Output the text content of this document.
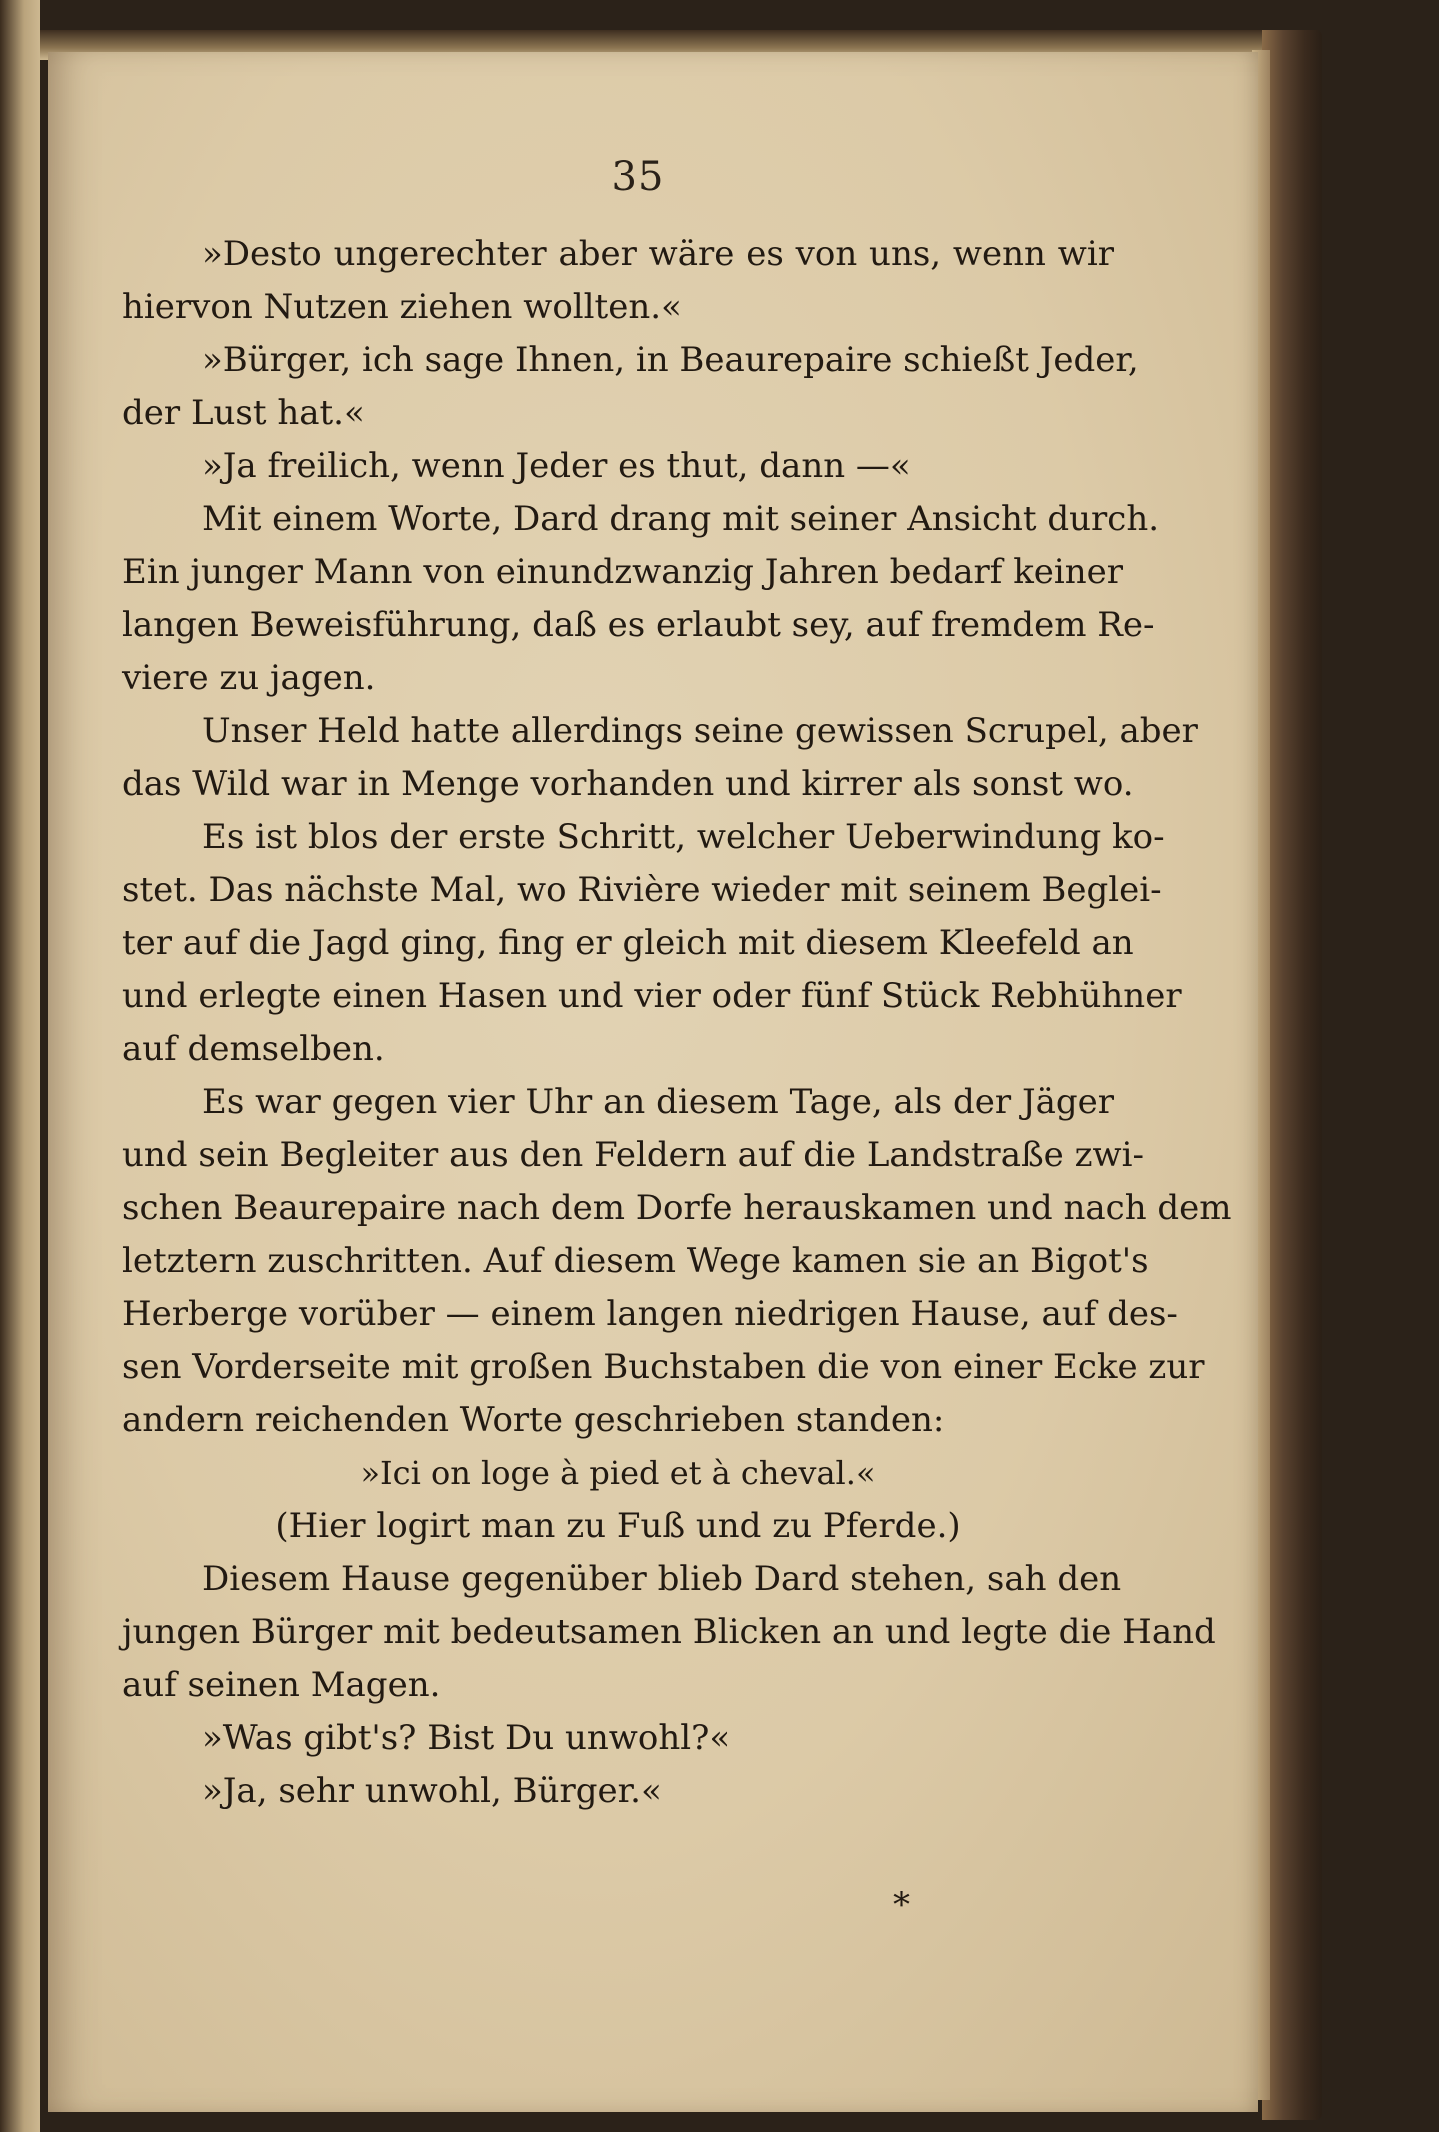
35
»Desto ungerechter aber wäre es von uns, wenn wir
hiervon Nutzen ziehen wollten.«
»Bürger, ich sage Ihnen, in Beaurepaire schießt Jeder,
der Lust hat.«
»Ja freilich, wenn Jeder es thut, dann —«
Mit einem Worte, Dard drang mit seiner Ansicht durch.
Ein junger Mann von einundzwanzig Jahren bedarf keiner
langen Beweisführung, daß es erlaubt sey, auf fremdem Re-
viere zu jagen.
Unser Held hatte allerdings seine gewissen Scrupel, aber
das Wild war in Menge vorhanden und kirrer als sonst wo.
Es ist blos der erste Schritt, welcher Ueberwindung ko-
stet. Das nächste Mal, wo Rivière wieder mit seinem Beglei-
ter auf die Jagd ging, fing er gleich mit diesem Kleefeld an
und erlegte einen Hasen und vier oder fünf Stück Rebhühner
auf demselben.
Es war gegen vier Uhr an diesem Tage, als der Jäger
und sein Begleiter aus den Feldern auf die Landstraße zwi-
schen Beaurepaire nach dem Dorfe herauskamen und nach dem
letztern zuschritten. Auf diesem Wege kamen sie an Bigot's
Herberge vorüber — einem langen niedrigen Hause, auf des-
sen Vorderseite mit großen Buchstaben die von einer Ecke zur
andern reichenden Worte geschrieben standen:
»Ici on loge à pied et à cheval.«
(Hier logirt man zu Fuß und zu Pferde.)
Diesem Hause gegenüber blieb Dard stehen, sah den
jungen Bürger mit bedeutsamen Blicken an und legte die Hand
auf seinen Magen.
»Was gibt's? Bist Du unwohl?«
»Ja, sehr unwohl, Bürger.«
*
